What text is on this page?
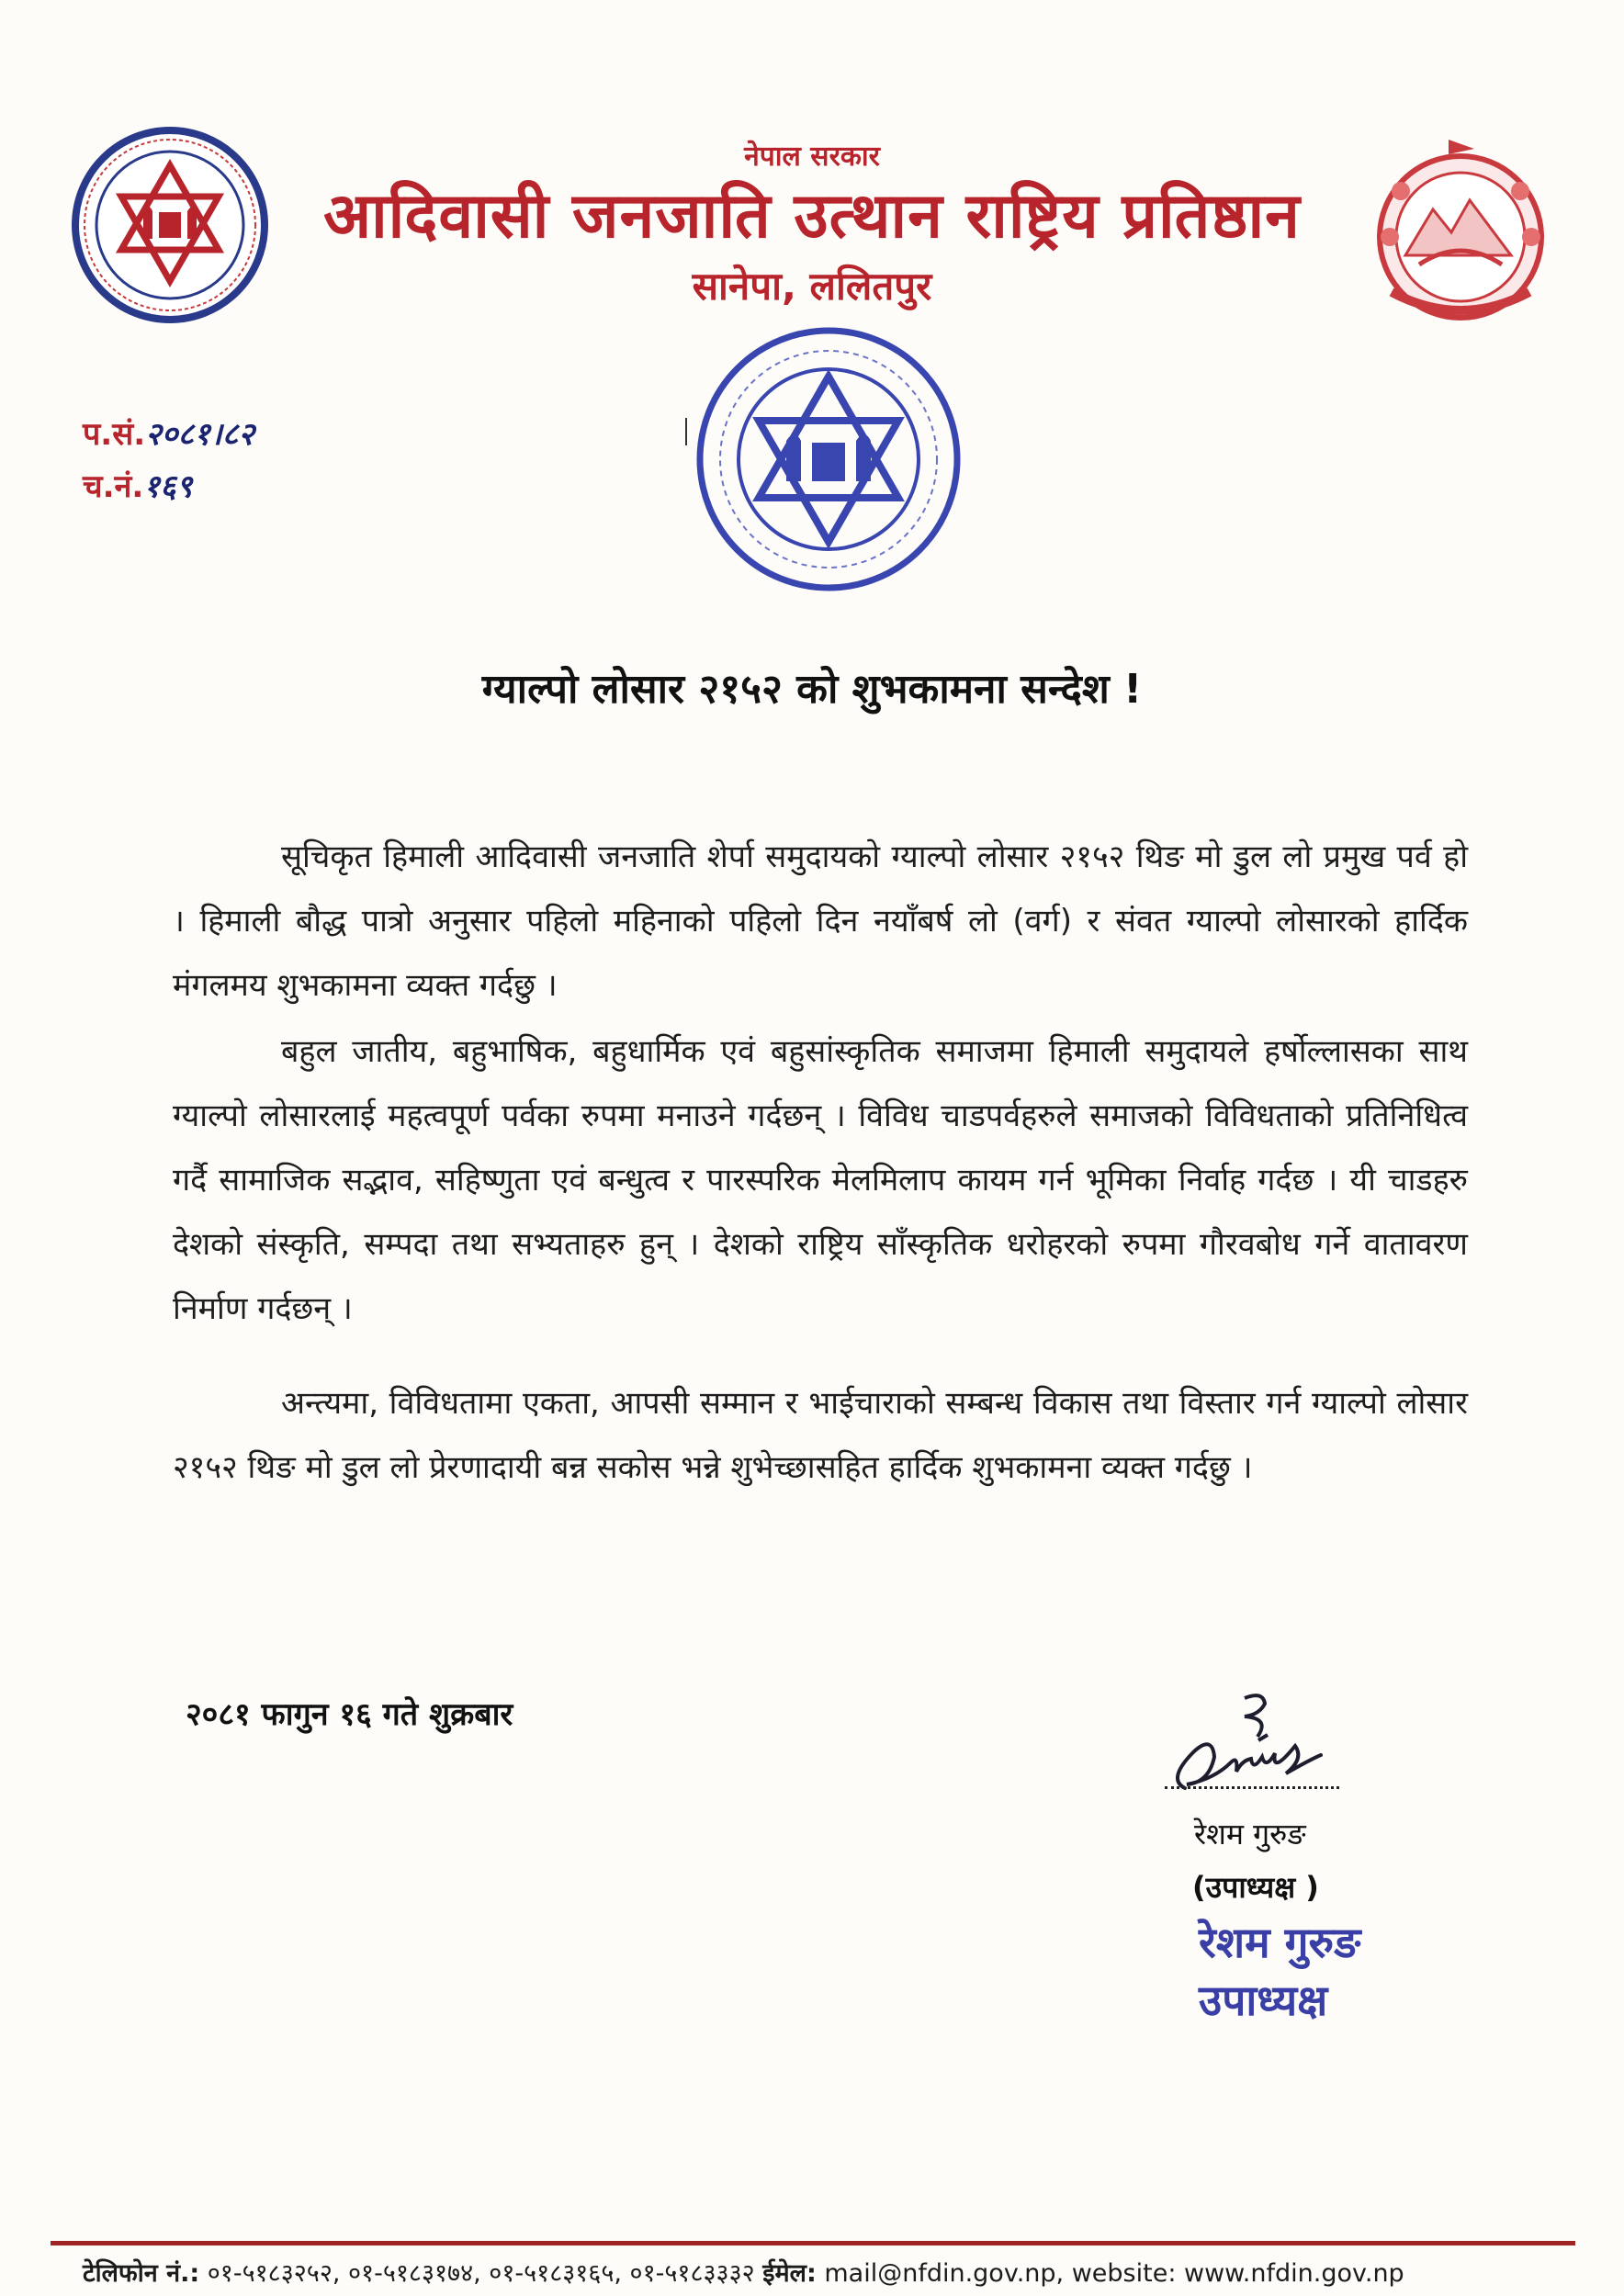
नेपाल सरकार
आदिवासी जनजाति उत्थान राष्ट्रिय प्रतिष्ठान
सानेपा, ललितपुर
प.सं.२०८१।८२
च.नं.१६९
ग्याल्पो लोसार २१५२ को शुभकामना सन्देश !
सूचिकृत हिमाली आदिवासी जनजाति शेर्पा समुदायको ग्याल्पो लोसार २१५२ थिङ मो डुल लो प्रमुख पर्व हो । हिमाली बौद्ध पात्रो अनुसार पहिलो महिनाको पहिलो दिन नयाँबर्ष लो (वर्ग) र संवत ग्याल्पो लोसारको हार्दिक मंगलमय शुभकामना व्यक्त गर्दछु ।
बहुल जातीय, बहुभाषिक, बहुधार्मिक एवं बहुसांस्कृतिक समाजमा हिमाली समुदायले हर्षोल्लासका साथ ग्याल्पो लोसारलाई महत्वपूर्ण पर्वका रुपमा मनाउने गर्दछन् । विविध चाडपर्वहरुले समाजको विविधताको प्रतिनिधित्व गर्दै सामाजिक सद्भाव, सहिष्णुता एवं बन्धुत्व र पारस्परिक मेलमिलाप कायम गर्न भूमिका निर्वाह गर्दछ । यी चाडहरु देशको संस्कृति, सम्पदा तथा सभ्यताहरु हुन् । देशको राष्ट्रिय साँस्कृतिक धरोहरको रुपमा गौरवबोध गर्ने वातावरण निर्माण गर्दछन् ।
अन्त्यमा, विविधतामा एकता, आपसी सम्मान र भाईचाराको सम्बन्ध विकास तथा विस्तार गर्न ग्याल्पो लोसार २१५२ थिङ मो डुल लो प्रेरणादायी बन्न सकोस भन्ने शुभेच्छासहित हार्दिक शुभकामना व्यक्त गर्दछु ।
२०८१ फागुन १६ गते शुक्रबार
रेशम गुरुङ
(उपाध्यक्ष )
रेशम गुरुङ
उपाध्यक्ष
टेलिफोन नं.: ०१-५१८३२५२, ०१-५१८३१७४, ०१-५१८३१६५, ०१-५१८३३३२ ईमेल: mail@nfdin.gov.np, website: www.nfdin.gov.np
